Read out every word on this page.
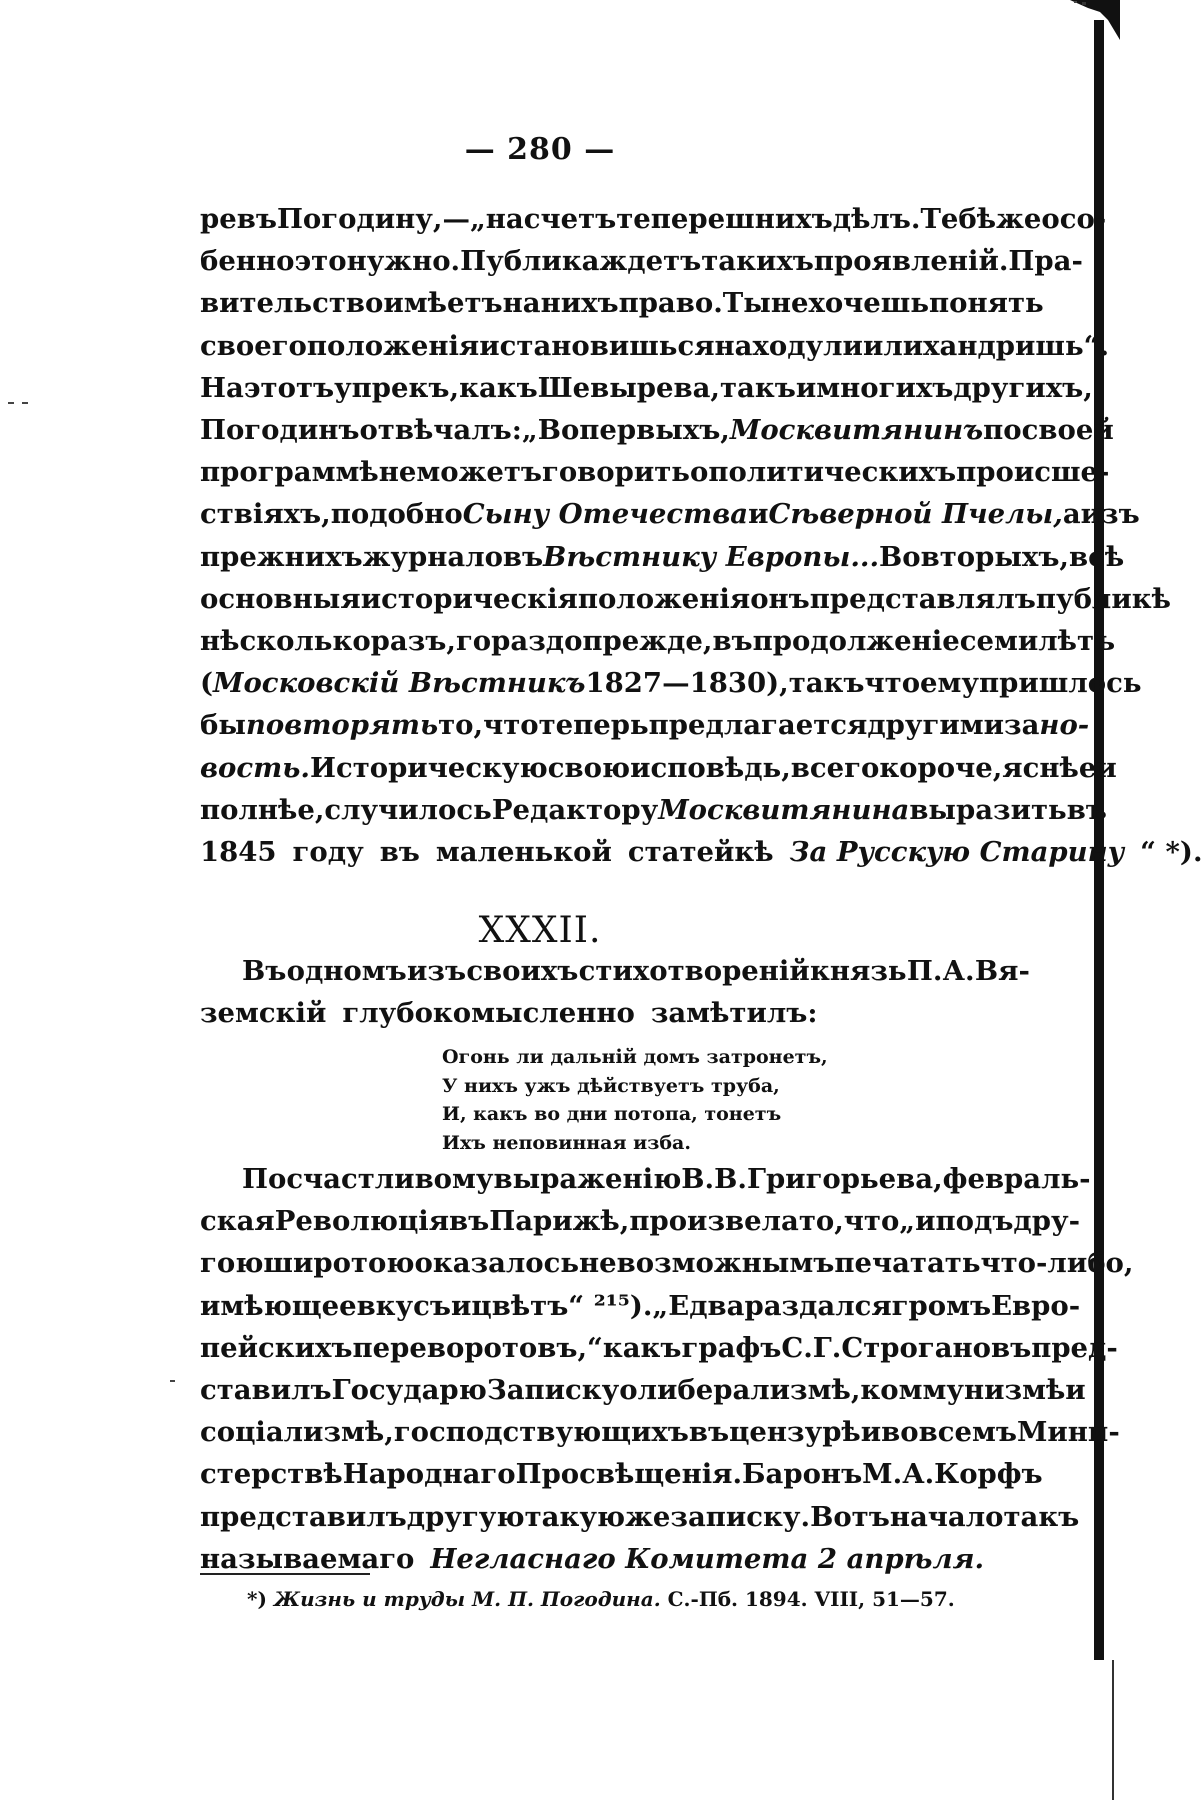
— 280 —
ревъ Погодину,— „на счетъ теперешнихъ дѣлъ. Тебѣ же осо-
бенно это нужно. Публика ждетъ такихъ проявленій. Пра-
вительство имѣетъ на нихъ право. Ты не хочешь понять
своего положенія и становишься на ходули или хандришь“.
На этотъ упрекъ, какъ Шевырева, такъ и многихъ другихъ,
Погодинъ отвѣчалъ: „Вопервыхъ, Москвитянинъ по своей
программѣ не можетъ говорить о политическихъ происше-
ствіяхъ, подобно Сыну Отечества и Сѣверной Пчелы, а изъ
прежнихъ журналовъ Вѣстнику Европы... Вовторыхъ, всѣ
основныя историческія положенія онъ представлялъ публикѣ
нѣсколько разъ, гораздо прежде, въ продолженіе семи лѣтъ
( Московскій Вѣстникъ 1827—1830), такъ что ему пришлось
бы повторять то, что теперь предлагается другими за но-
вость. Историческую свою исповѣдь, всего короче, яснѣе и
полнѣе, случилось Редактору Москвитянина выразить въ
1845 году въ маленькой статейкѣ За Русскую Старину “ *).
XXXII.
Въ одномъ изъ своихъ стихотвореній князь П. А. Вя-
земскій глубокомысленно замѣтилъ:
Огонь ли дальній домъ затронетъ,
У нихъ ужъ дѣйствуетъ труба,
И, какъ во дни потопа, тонетъ
Ихъ неповинная изба.
По счастливому выраженію В. В. Григорьева, февраль-
ская Революція въ Парижѣ, произвела то, что „и подъ дру-
гою широтою оказалось невозможнымъ печатать что-либо,
имѣющее вкусъ и цвѣтъ“ ²¹⁵). „Едва раздался громъ Евро-
пейскихъ переворотовъ,“ какъ графъ С. Г. Строгановъ пред-
ставилъ Государю Записку о либерализмѣ, коммунизмѣ и
соціализмѣ, господствующихъ въ цензурѣ и во всемъ Мини-
стерствѣ Народнаго Просвѣщенія. Баронъ М. А. Корфъ
представилъ другую такую же записку. Вотъ начало такъ
называемаго Негласнаго Комитета 2 апрѣля.
*) Жизнь и труды М. П. Погодина. С.-Пб. 1894. VIII, 51—57.
